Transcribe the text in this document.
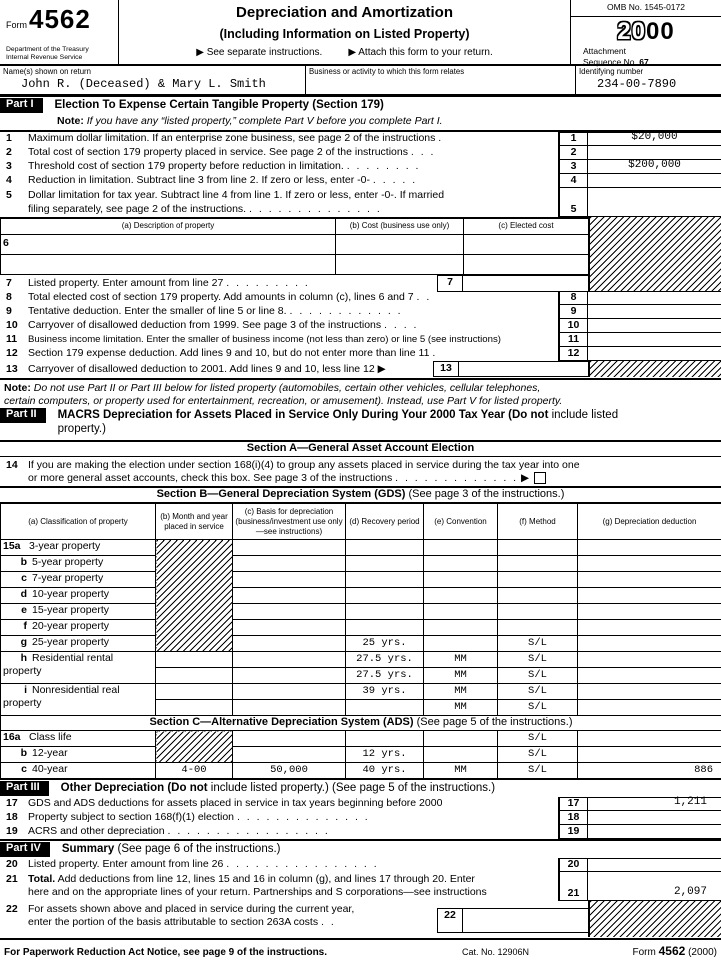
Form4562
Department of the Treasury
Internal Revenue Service
Depreciation and Amortization
(Including Information on Listed Property)
▶ See separate instructions.	▶ Attach this form to your return.
OMB No. 1545-0172
2000
Attachment
Sequence No. 67
Name(s) shown on return
John R. (Deceased) & Mary L. Smith
Business or activity to which this form relates	Identifying number
234-00-7890
Part I	Election To Expense Certain Tangible Property (Section 179)
Note: If you have any “listed property,” complete Part V before you complete Part I.
1	Maximum dollar limitation. If an enterprise zone business, see page 2 of the instructions .	1	$20,000
2	Total cost of section 179 property placed in service. See page 2 of the instructions . . .	2
3	Threshold cost of section 179 property before reduction in limitation. . . . . . . . .	3	$200,000
4	Reduction in limitation. Subtract line 3 from line 2. If zero or less, enter -0- . . . . .	4
5	Dollar limitation for tax year. Subtract line 4 from line 1. If zero or less, enter -0-. If married
filing separately, see page 2 of the instructions. . . . . . . . . . . . . . .	5
(a) Description of property	(b) Cost (business use only)	(c) Elected cost
6		

7	Listed property. Enter amount from line 27 . . . . . . . . .	7
8	Total elected cost of section 179 property. Add amounts in column (c), lines 6 and 7 . .	8
9	Tentative deduction. Enter the smaller of line 5 or line 8. . . . . . . . . . . . .	9
10 Carryover of disallowed deduction from 1999. See page 3 of the instructions . . . .	10
11	Business income limitation. Enter the smaller of business income (not less than zero) or line 5 (see instructions)	11
12 Section 179 expense deduction. Add lines 9 and 10, but do not enter more than line 11 .	12
13 Carryover of disallowed deduction to 2001. Add lines 9 and 10, less line 12 ▶	13
Note: Do not use Part II or Part III below for listed property (automobiles, certain other vehicles, cellular telephones,
certain computers, or property used for entertainment, recreation, or amusement). Instead, use Part V for listed property.
Part II	MACRS Depreciation for Assets Placed in Service Only During Your 2000 Tax Year (Do not include listed property.)
Section A—General Asset Account Election
14 If you are making the election under section 168(i)(4) to group any assets placed in service during the tax year into one
or more general asset accounts, check this box. See page 3 of the instructions
. . . . . . . . . . . . .
▶
Section B—General Depreciation System (GDS) (See page 3 of the instructions.)
(a) Classification of property	(b) Month and year placed in service	(c) Basis for depreciation (business/investment use only—see instructions)	(d) Recovery period	(e) Convention	(f) Method	(g) Depreciation deduction
15a 3-year property						
b 5-year property						
c 7-year property						
d 10-year property						
e 15-year property						
f 20-year property						
g 25-year property			25 yrs.		S/L	
h Residential rental property			27.5 yrs.	MM	S/L	
			27.5 yrs.	MM	S/L	
i Nonresidential real property			39 yrs.	MM	S/L	
				MM	S/L	
Section C—Alternative Depreciation System (ADS) (See page 5 of the instructions.)						
16a Class life					S/L	
b 12-year			12 yrs.		S/L	
c 40-year	4-00	50,000	40 yrs.	MM	S/L	886
Part III	Other Depreciation (Do not include listed property.) (See page 5 of the instructions.)
17 GDS and ADS deductions for assets placed in service in tax years beginning before 2000	17	1,211
18 Property subject to section 168(f)(1) election . . . . . . . . . . . . . .	18
19 ACRS and other depreciation . . . . . . . . . . . . . . . . .	19
Part IV	Summary (See page 6 of the instructions.)
20 Listed property. Enter amount from line 26 . . . . . . . . . . . . . . . .	20
21 Total. Add deductions from line 12, lines 15 and 16 in column (g), and lines 17 through 20. Enter
here and on the appropriate lines of your return. Partnerships and S corporations—see instructions	21	2,097
22 For assets shown above and placed in service during the current year,
enter the portion of the basis attributable to section 263A costs . .
22
For Paperwork Reduction Act Notice, see page 9 of the instructions.	Cat. No. 12906N	Form 4562 (2000)
